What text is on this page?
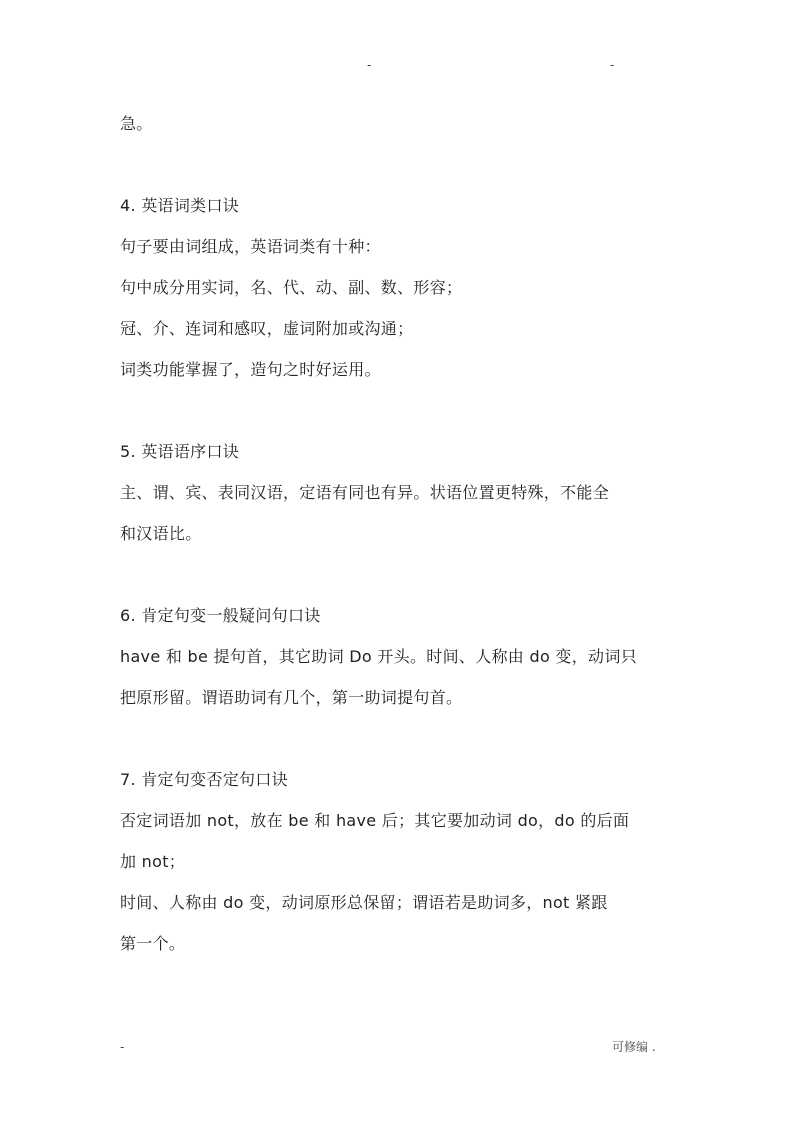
-	-

急。

4. 英语词类口诀

句子要由词组成，英语词类有十种：

句中成分用实词，名、代、动、副、数、形容；

冠、介、连词和感叹，虚词附加或沟通；

词类功能掌握了，造句之时好运用。

5. 英语语序口诀

主、谓、宾、表同汉语，定语有同也有异。状语位置更特殊，不能全

和汉语比。

6. 肯定句变一般疑问句口诀

have 和 be 提句首，其它助词 Do 开头。时间、人称由 do 变，动词只

把原形留。谓语助词有几个，第一助词提句首。

7. 肯定句变否定句口诀

否定词语加 not，放在 be 和 have 后；其它要加动词 do，do 的后面

加 not；

时间、人称由 do 变，动词原形总保留；谓语若是助词多，not 紧跟

第一个。

-	可修编 .
